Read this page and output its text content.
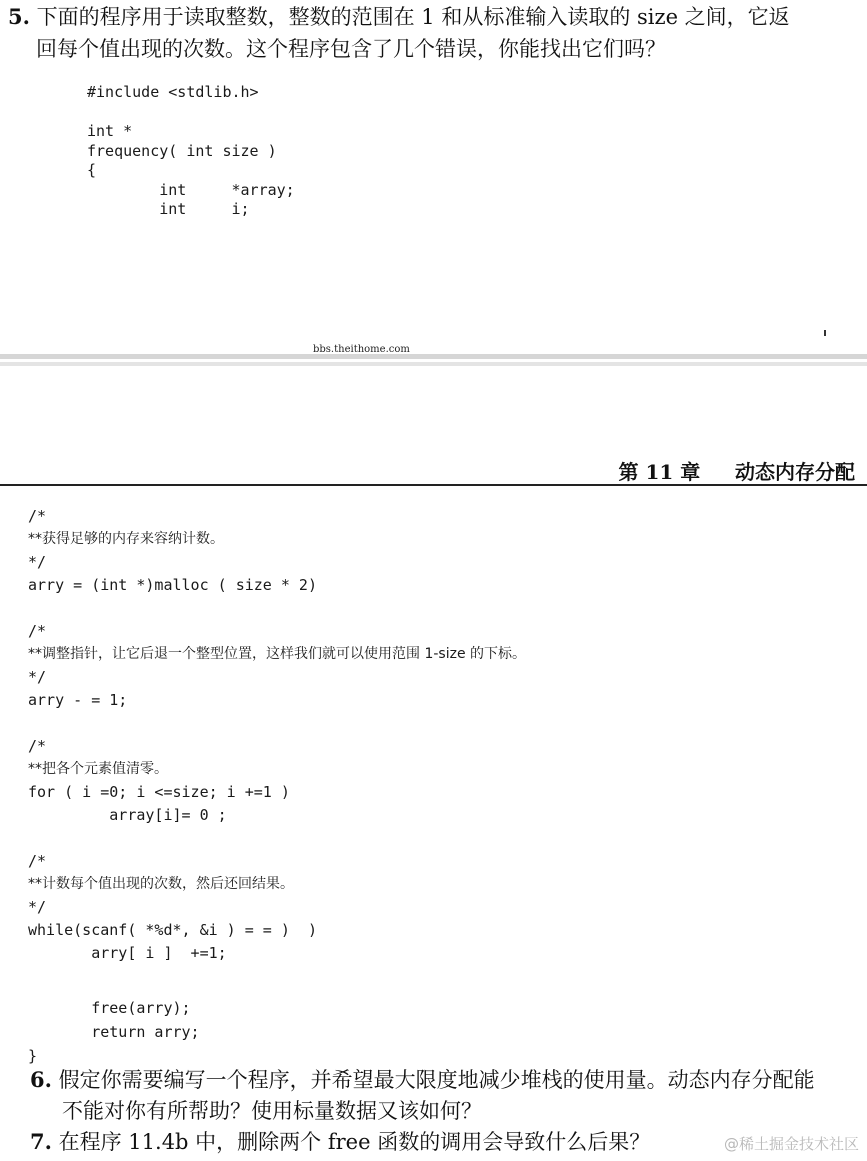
5. 下面的程序用于读取整数，整数的范围在 1 和从标准输入读取的 size 之间，它返
回每个值出现的次数。这个程序包含了几个错误，你能找出它们吗？
#include <stdlib.h>

int *
frequency( int size )
{
int     *array;
int     i;
bbs.theithome.com
第 11 章 动态内存分配
/*
**获得足够的内存来容纳计数。
*/
arry = (int *)malloc ( size * 2)
/*
**调整指针，让它后退一个整型位置，这样我们就可以使用范围 1-size 的下标。
*/
arry - = 1;
/*
**把各个元素值清零。
for ( i =0; i <=size; i +=1 )
array[i]= 0 ;
/*
**计数每个值出现的次数，然后还回结果。
*/
while(scanf( *%d*, &i ) = = )  )
arry[ i ]  +=1;
free(arry);
return arry;
}
6. 假定你需要编写一个程序，并希望最大限度地减少堆栈的使用量。动态内存分配能
不能对你有所帮助？使用标量数据又该如何？
7. 在程序 11.4b 中，删除两个 free 函数的调用会导致什么后果？	@稀土掘金技术社区
